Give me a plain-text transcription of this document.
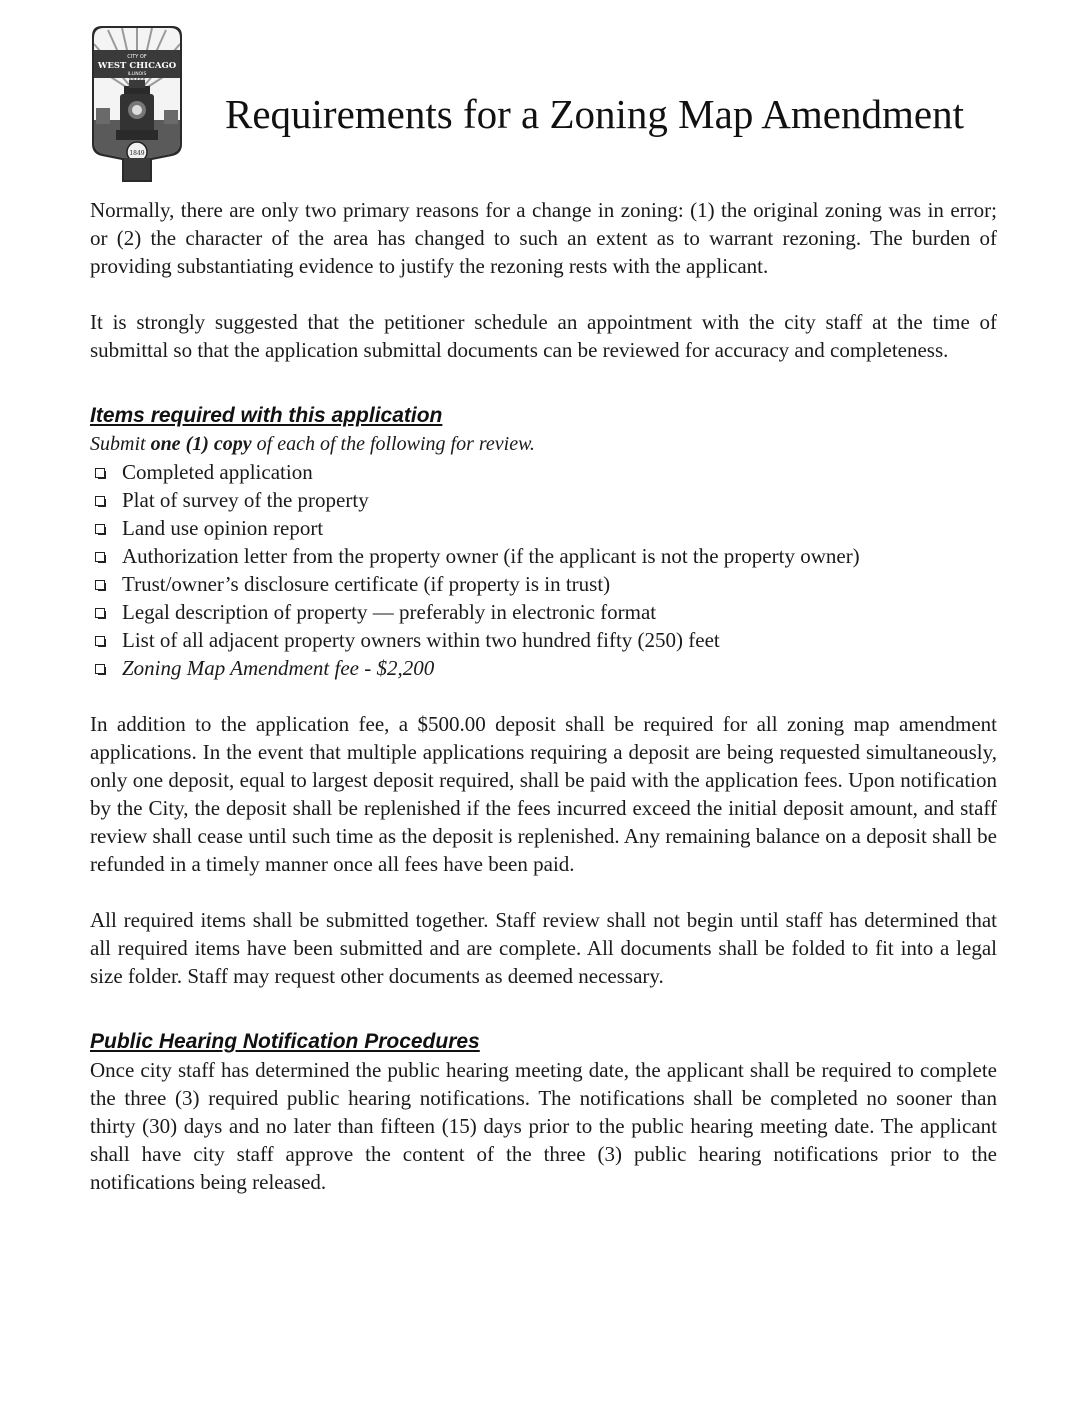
CITY OF
WEST CHICAGO
ILLINOIS
1849
Requirements for a Zoning Map Amendment

Normally, there are only two primary reasons for a change in zoning: (1) the original zoning was in error; or (2) the character of the area has changed to such an extent as to warrant rezoning. The burden of providing substantiating evidence to justify the rezoning rests with the applicant.

It is strongly suggested that the petitioner schedule an appointment with the city staff at the time of submittal so that the application submittal documents can be reviewed for accuracy and completeness.

Items required with this application

Submit one (1) copy of each of the following for review.

Completed application
Plat of survey of the property
Land use opinion report
Authorization letter from the property owner (if the applicant is not the property owner)
Trust/owner’s disclosure certificate (if property is in trust)
Legal description of property — preferably in electronic format
List of all adjacent property owners within two hundred fifty (250) feet
Zoning Map Amendment fee - $2,200

In addition to the application fee, a $500.00 deposit shall be required for all zoning map amendment applications. In the event that multiple applications requiring a deposit are being requested simultaneously, only one deposit, equal to largest deposit required, shall be paid with the application fees. Upon notification by the City, the deposit shall be replenished if the fees incurred exceed the initial deposit amount, and staff review shall cease until such time as the deposit is replenished. Any remaining balance on a deposit shall be refunded in a timely manner once all fees have been paid.

All required items shall be submitted together. Staff review shall not begin until staff has determined that all required items have been submitted and are complete. All documents shall be folded to fit into a legal size folder. Staff may request other documents as deemed necessary.

Public Hearing Notification Procedures

Once city staff has determined the public hearing meeting date, the applicant shall be required to complete the three (3) required public hearing notifications. The notifications shall be completed no sooner than thirty (30) days and no later than fifteen (15) days prior to the public hearing meeting date. The applicant shall have city staff approve the content of the three (3) public hearing notifications prior to the notifications being released.
